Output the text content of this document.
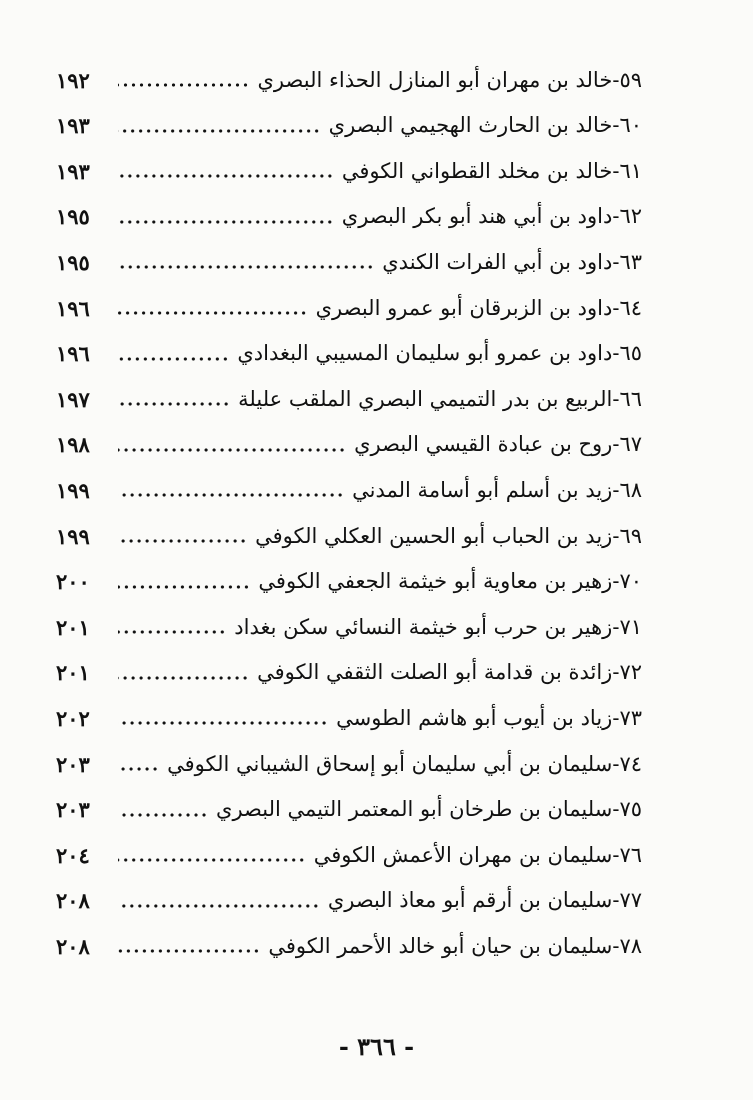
٥٩-
خالد بن مهران أبو المنازل الحذاء البصري
١٩٢
٦٠-
خالد بن الحارث الهجيمي البصري
١٩٣
٦١-
خالد بن مخلد القطواني الكوفي
١٩٣
٦٢-
داود بن أبي هند أبو بكر البصري
١٩٥
٦٣-
داود بن أبي الفرات الكندي
١٩٥
٦٤-
داود بن الزبرقان أبو عمرو البصري
١٩٦
٦٥-
داود بن عمرو أبو سليمان المسيبي البغدادي
١٩٦
٦٦-
الربيع بن بدر التميمي البصري الملقب عليلة
١٩٧
٦٧-
روح بن عبادة القيسي البصري
١٩٨
٦٨-
زيد بن أسلم أبو أسامة المدني
١٩٩
٦٩-
زيد بن الحباب أبو الحسين العكلي الكوفي
١٩٩
٧٠-
زهير بن معاوية أبو خيثمة الجعفي الكوفي
٢٠٠
٧١-
زهير بن حرب أبو خيثمة النسائي سكن بغداد
٢٠١
٧٢-
زائدة بن قدامة أبو الصلت الثقفي الكوفي
٢٠١
٧٣-
زياد بن أيوب أبو هاشم الطوسي
٢٠٢
٧٤-
سليمان بن أبي سليمان أبو إسحاق الشيباني الكوفي
٢٠٣
٧٥-
سليمان بن طرخان أبو المعتمر التيمي البصري
٢٠٣
٧٦-
سليمان بن مهران الأعمش الكوفي
٢٠٤
٧٧-
سليمان بن أرقم أبو معاذ البصري
٢٠٨
٧٨-
سليمان بن حيان أبو خالد الأحمر الكوفي
٢٠٨
- ٣٦٦ -
